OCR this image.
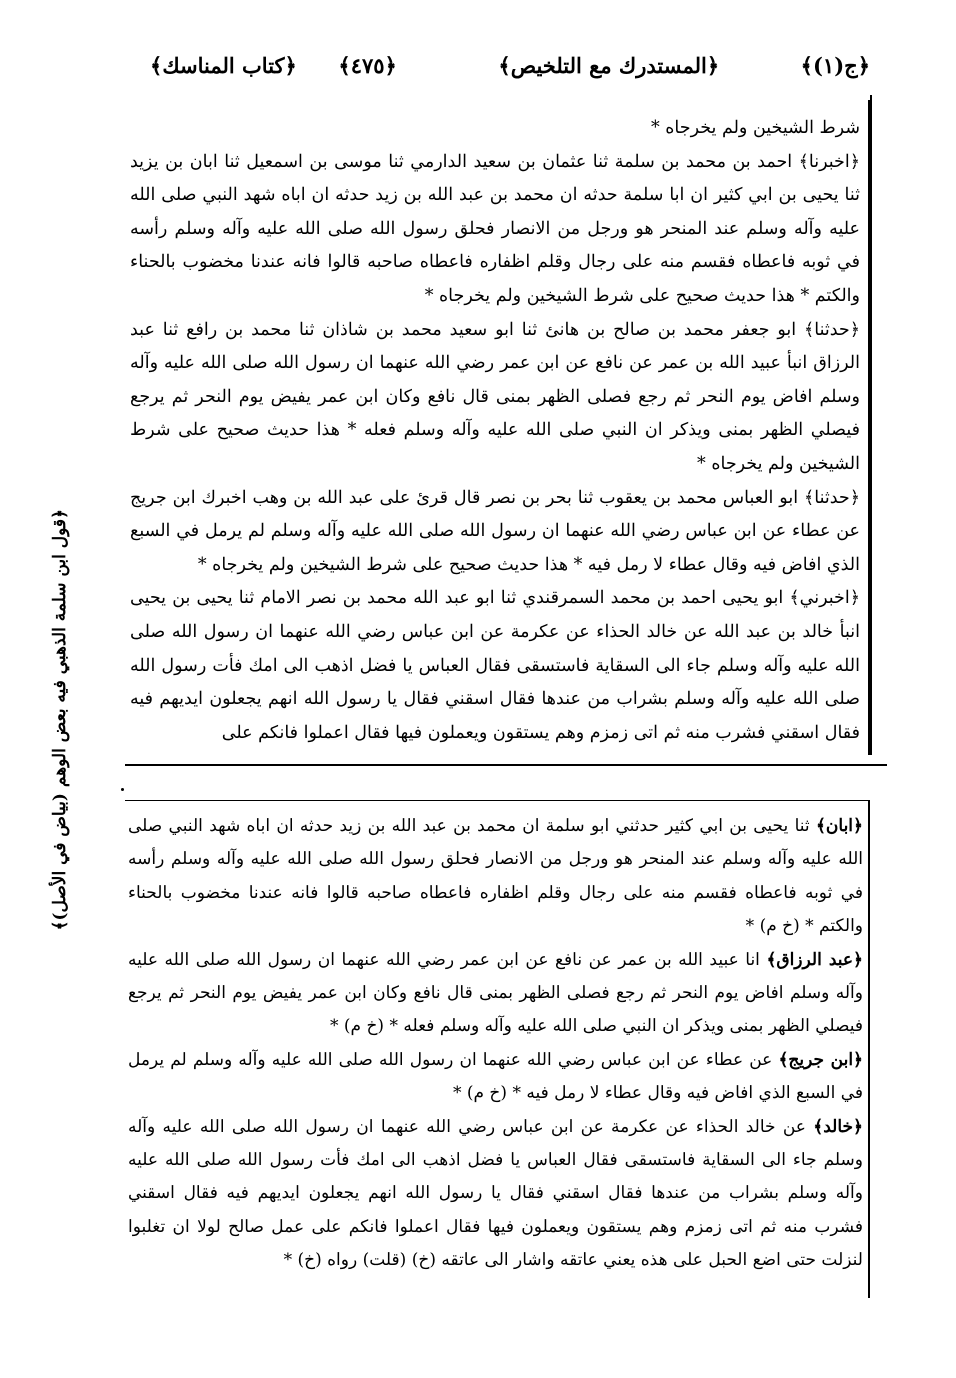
﴿ج(١)﴾
﴿المستدرك مع التلخيص﴾
﴿٤٧٥﴾
﴿كتاب المناسك﴾

شرط الشيخين ولم يخرجاه *

﴿اخبرنا﴾ احمد بن محمد بن سلمة ثنا عثمان بن سعيد الدارمي ثنا موسى بن اسمعيل ثنا ابان بن يزيد ثنا يحيى بن ابي كثير ان ابا سلمة حدثه ان محمد بن عبد الله بن زيد حدثه ان اباه شهد النبي صلى الله عليه وآله وسلم عند المنحر هو ورجل من الانصار فحلق رسول الله صلى الله عليه وآله وسلم رأسه في ثوبه فاعطاه فقسم منه على رجال وقلم اظفاره فاعطاه صاحبه قالوا فانه عندنا مخضوب بالحناء والكتم * هذا حديث صحيح على شرط الشيخين ولم يخرجاه *

﴿حدثنا﴾ ابو جعفر محمد بن صالح بن هانئ ثنا ابو سعيد محمد بن شاذان ثنا محمد بن رافع ثنا عبد الرزاق انبأ عبيد الله بن عمر عن نافع عن ابن عمر رضي الله عنهما ان رسول الله صلى الله عليه وآله وسلم افاض يوم النحر ثم رجع فصلى الظهر بمنى قال نافع وكان ابن عمر يفيض يوم النحر ثم يرجع فيصلي الظهر بمنى ويذكر ان النبي صلى الله عليه وآله وسلم فعله * هذا حديث صحيح على شرط الشيخين ولم يخرجاه *

﴿حدثنا﴾ ابو العباس محمد بن يعقوب ثنا بحر بن نصر قال قرئ على عبد الله بن وهب اخبرك ابن جريج عن عطاء عن ابن عباس رضي الله عنهما ان رسول الله صلى الله عليه وآله وسلم لم يرمل في السبع الذي افاض فيه وقال عطاء لا رمل فيه * هذا حديث صحيح على شرط الشيخين ولم يخرجاه *

﴿اخبرني﴾ ابو يحيى احمد بن محمد السمرقندي ثنا ابو عبد الله محمد بن نصر الامام ثنا يحيى بن يحيى انبأ خالد بن عبد الله عن خالد الحذاء عن عكرمة عن ابن عباس رضي الله عنهما ان رسول الله صلى الله عليه وآله وسلم جاء الى السقاية فاستسقى فقال العباس يا فضل اذهب الى امك فأت رسول الله صلى الله عليه وآله وسلم بشراب من عندها فقال اسقني فقال يا رسول الله انهم يجعلون ايديهم فيه فقال اسقني فشرب منه ثم اتى زمزم وهم يستقون ويعملون فيها فقال اعملوا فانكم على

﴿ابان﴾ ثنا يحيى بن ابي كثير حدثني ابو سلمة ان محمد بن عبد الله بن زيد حدثه ان اباه شهد النبي صلى الله عليه وآله وسلم عند المنحر هو ورجل من الانصار فحلق رسول الله صلى الله عليه وآله وسلم رأسه في ثوبه فاعطاه فقسم منه على رجال وقلم اظفاره فاعطاه صاحبه قالوا فانه عندنا مخضوب بالحناء والكتم * (خ م) *

﴿عبد الرزاق﴾ انا عبيد الله بن عمر عن نافع عن ابن عمر رضي الله عنهما ان رسول الله صلى الله عليه وآله وسلم افاض يوم النحر ثم رجع فصلى الظهر بمنى قال نافع وكان ابن عمر يفيض يوم النحر ثم يرجع فيصلي الظهر بمنى ويذكر ان النبي صلى الله عليه وآله وسلم فعله * (خ م) *

﴿ابن جريج﴾ عن عطاء عن ابن عباس رضي الله عنهما ان رسول الله صلى الله عليه وآله وسلم لم يرمل في السبع الذي افاض فيه وقال عطاء لا رمل فيه * (خ م) *

﴿خالد﴾ عن خالد الحذاء عن عكرمة عن ابن عباس رضي الله عنهما ان رسول الله صلى الله عليه وآله وسلم جاء الى السقاية فاستسقى فقال العباس يا فضل اذهب الى امك فأت رسول الله صلى الله عليه وآله وسلم بشراب من عندها فقال اسقني فقال يا رسول الله انهم يجعلون ايديهم فيه فقال اسقني فشرب منه ثم اتى زمزم وهم يستقون ويعملون فيها فقال اعملوا فانكم على عمل صالح لولا ان تغلبوا لنزلت حتى اضع الحبل على هذه يعني عاتقه واشار الى عاتقه (خ) (قلت) رواه (خ) *

﴿قول ابن سلمة الذهبي فيه بعض الوهم (بياض في الأصل)﴾
